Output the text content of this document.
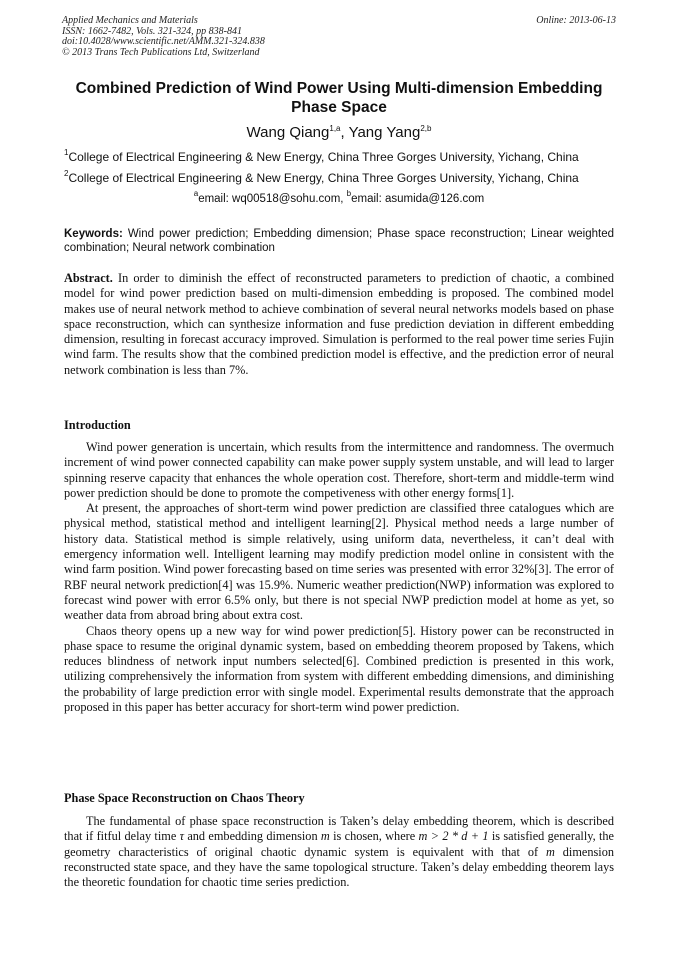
Applied Mechanics and Materials
ISSN: 1662-7482, Vols. 321-324, pp 838-841
doi:10.4028/www.scientific.net/AMM.321-324.838
© 2013 Trans Tech Publications Ltd, Switzerland
Online: 2013-06-13
Combined Prediction of Wind Power Using Multi-dimension Embedding Phase Space
Wang Qiang$^{1,a}$, Yang Yang$^{2,b}$
$^1$College of Electrical Engineering & New Energy, China Three Gorges University, Yichang, China
$^2$College of Electrical Engineering & New Energy, China Three Gorges University, Yichang, China
$^a$email: wq00518@sohu.com, $^b$email: asumida@126.com
Keywords: Wind power prediction; Embedding dimension; Phase space reconstruction; Linear weighted combination; Neural network combination

Abstract. In order to diminish the effect of reconstructed parameters to prediction of chaotic, a combined model for wind power prediction based on multi-dimension embedding is proposed. The combined model makes use of neural network method to achieve combination of several neural networks models based on phase space reconstruction, which can synthesize information and fuse prediction deviation in different embedding dimension, resulting in forecast accuracy improved. Simulation is performed to the real power time series Fujin wind farm. The results show that the combined prediction model is effective, and the prediction error of neural network combination is less than 7%.

Introduction

Wind power generation is uncertain, which results from the intermittence and randomness. The overmuch increment of wind power connected capability can make power supply system unstable, and will lead to larger spinning reserve capacity that enhances the whole operation cost. Therefore, short-term and middle-term wind power prediction should be done to promote the competiveness with other energy forms[1].

At present, the approaches of short-term wind power prediction are classified three catalogues which are physical method, statistical method and intelligent learning[2]. Physical method needs a large number of history data. Statistical method is simple relatively, using uniform data, nevertheless, it can’t deal with emergency information well. Intelligent learning may modify prediction model online in consistent with the wind farm position. Wind power forecasting based on time series was presented with error 32%[3]. The error of RBF neural network prediction[4] was 15.9%. Numeric weather prediction(NWP) information was explored to forecast wind power with error 6.5% only, but there is not special NWP prediction model at home as yet, so weather data from abroad bring about extra cost.

Chaos theory opens up a new way for wind power prediction[5]. History power can be reconstructed in phase space to resume the original dynamic system, based on embedding theorem proposed by Takens, which reduces blindness of network input numbers selected[6]. Combined prediction is presented in this work, utilizing comprehensively the information from system with different embedding dimensions, and diminishing the probability of large prediction error with single model. Experimental results demonstrate that the approach proposed in this paper has better accuracy for short-term wind power prediction.

Phase Space Reconstruction on Chaos Theory

The fundamental of phase space reconstruction is Taken’s delay embedding theorem, which is described that if fitful delay time τ and embedding dimension m is chosen, where m > 2 * d + 1 is satisfied generally, the geometry characteristics of original chaotic dynamic system is equivalent with that of m dimension reconstructed state space, and they have the same topological structure. Taken’s delay embedding theorem lays the theoretic foundation for chaotic time series prediction.
